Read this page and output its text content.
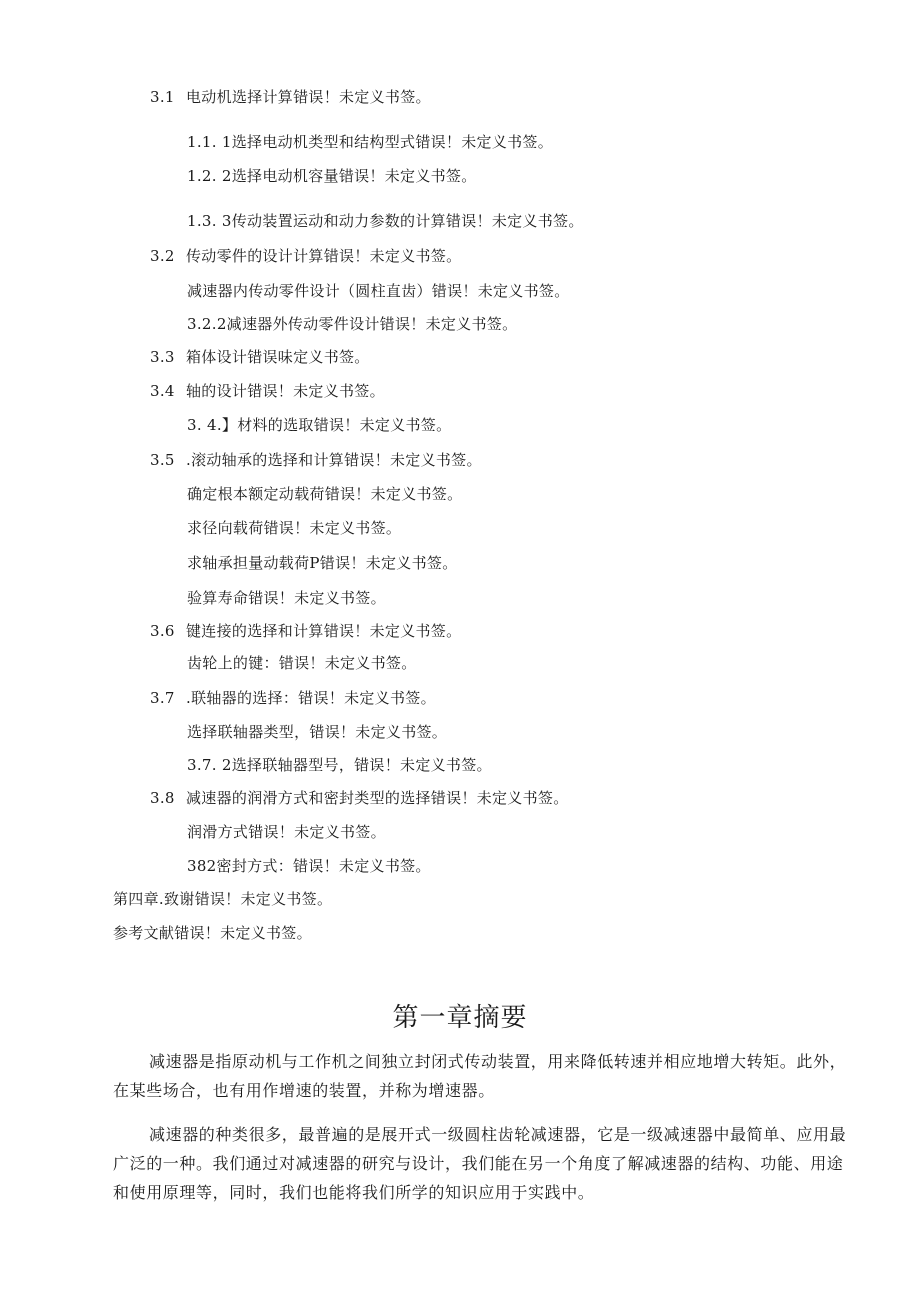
3.1 电动机选择计算错误！未定义书签。
1.1. 1选择电动机类型和结构型式错误！未定义书签。
1.2. 2选择电动机容量错误！未定义书签。
1.3. 3传动装置运动和动力参数的计算错误！未定义书签。
3.2 传动零件的设计计算错误！未定义书签。
减速器内传动零件设计（圆柱直齿）错误！未定义书签。
3.2.2减速器外传动零件设计错误！未定义书签。
3.3 箱体设计错误味定义书签。
3.4 轴的设计错误！未定义书签。
3. 4.】材料的选取错误！未定义书签。
3.5 .滚动轴承的选择和计算错误！未定义书签。
确定根本额定动载荷错误！未定义书签。
求径向载荷错误！未定义书签。
求轴承担量动载荷P错误！未定义书签。
验算寿命错误！未定义书签。
3.6 键连接的选择和计算错误！未定义书签。
齿轮上的键：错误！未定义书签。
3.7 .联轴器的选择：错误！未定义书签。
选择联轴器类型，错误！未定义书签。
3.7. 2选择联轴器型号，错误！未定义书签。
3.8 减速器的润滑方式和密封类型的选择错误！未定义书签。
润滑方式错误！未定义书签。
382密封方式：错误！未定义书签。
第四章.致谢错误！未定义书签。
参考文献错误！未定义书签。
第一章摘要

减速器是指原动机与工作机之间独立封闭式传动装置，用来降低转速并相应地增大转矩。此外，在某些场合，也有用作增速的装置，并称为增速器。

减速器的种类很多，最普遍的是展开式一级圆柱齿轮减速器，它是一级减速器中最简单、应用最广泛的一种。我们通过对减速器的研究与设计，我们能在另一个角度了解减速器的结构、功能、用途和使用原理等，同时，我们也能将我们所学的知识应用于实践中。
